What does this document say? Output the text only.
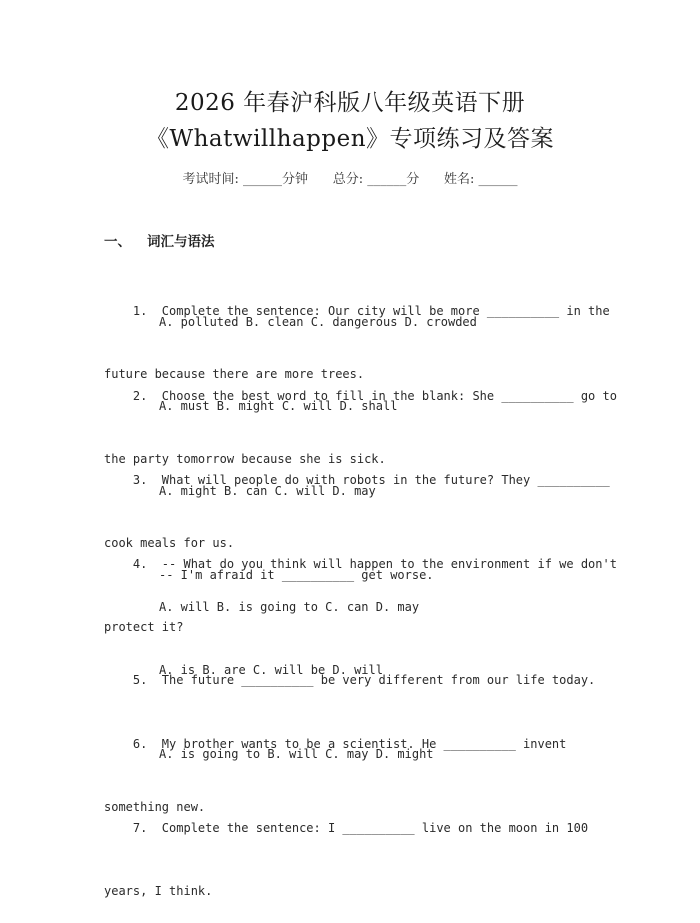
2026 年春沪科版八年级英语下册
《Whatwillhappen》专项练习及答案
考试时间: ______分钟      总分: ______分      姓名: ______
一、 词汇与语法

1.  Complete the sentence: Our city will be more __________ in the

future because there are more trees.

A. polluted B. clean C. dangerous D. crowded

2.  Choose the best word to fill in the blank: She __________ go to

the party tomorrow because she is sick.

A. must B. might C. will D. shall

3.  What will people do with robots in the future? They __________

cook meals for us.

A. might B. can C. will D. may

4.  -- What do you think will happen to the environment if we don't

protect it?

-- I'm afraid it __________ get worse.
A. will B. is going to C. can D. may

5.  The future __________ be very different from our life today.

A. is B. are C. will be D. will

6.  My brother wants to be a scientist. He __________ invent

something new.

A. is going to B. will C. may D. might

7.  Complete the sentence: I __________ live on the moon in 100

years, I think.
